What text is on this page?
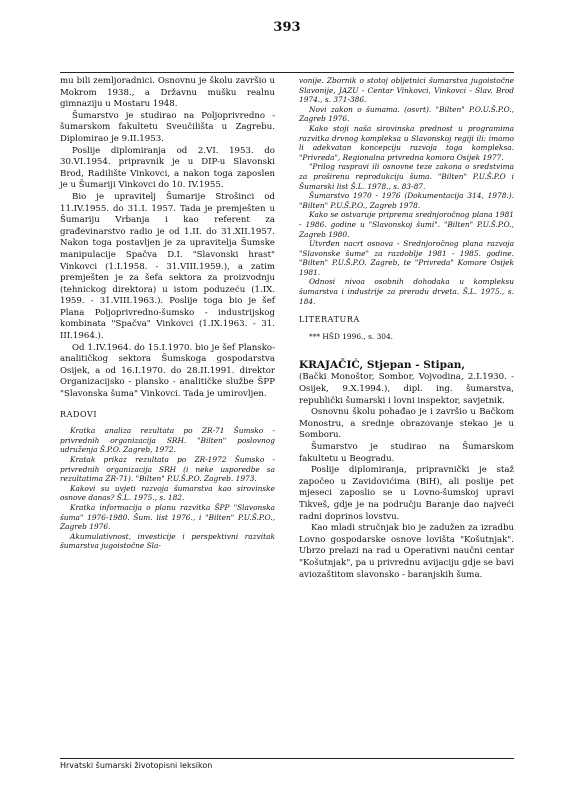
393

mu bili zemljoradnici. Osnovnu je školu završio u Mokrom 1938., a Državnu mušku realnu gimnaziju u Mostaru 1948.

Šumarstvo je studirao na Poljoprivredno - šumarskom fakultetu Sveučilišta u Zagrebu. Diplomirao je 9.II.1953.

Poslije diplomiranja od 2.VI. 1953. do 30.VI.1954. pripravnik je u DIP-u Slavonski Brod, Radilište Vinkovci, a nakon toga zaposlen je u Šumariji Vinkovci do 10. IV.1955.

Bio je upravitelj Šumarije Strošinci od 11.IV.1955. do 31.I. 1957. Tada je premješten u Šumariju Vrbanja i kao referent za građevinarstvo radio je od 1.II. do 31.XII.1957. Nakon toga postavljen je za upravitelja Šumske manipulacije Spačva D.I. "Slavonski hrast" Vinkovci (1.I.1958. - 31.VIII.1959.), a zatim premješten je za šefa sektora za proizvodnju (tehnickog direktora) u istom poduzeću (1.IX. 1959. - 31.VIII.1963.). Poslije toga bio je šef Plana Poljoprivredno-šumsko - industrijskog kombinata "Spačva" Vinkovci (1.IX.1963. - 31. III.1964.).

Od 1.IV.1964. do 15.I.1970. bio je šef Plansko-analitičkog sektora Šumskoga gospodarstva Osijek, a od 16.I.1970. do 28.II.1991. direktor Organizacijsko - plansko - analitičke službe ŠPP "Slavonska šuma" Vinkovci. Tada je umirovljen.

RADOVI

Kratka analiza rezultata po ZR-71 Šumsko - privrednih organizacija SRH. "Bilten" poslovnog udruženja Š.P.O. Zagreb, 1972.

Kratak prikaz rezultata po ZR-1972 Šumsko - privrednih organizacija SRH (i neke usporedbe sa rezultatima ZR-71). "Bilten" P.U.Š.P.O. Zagreb. 1973.

Kakovi su uvjeti razvoja šumarstva kao sirovinske osnove danas? Š.L. 1975., s. 182.

Kratka informacija o planu razvitka ŠPP "Slavonska šuma" 1976-1980. Šum. list 1976., i "Bilten" P.U.Š.P.O., Zagreb 1976.

Akumulativnost, investicije i perspektivni razvitak šumarstva jugoistočne Sla-

vonije. Zbornik o stotoj obljetnici šumarstva jugoistočne Slavonije, JAZU - Centar Vinkovci, Vinkovci - Slav. Brod 1974., s. 371-386.

Novi zakon o šumama. (osvrt). "Bilten" P.O.U.Š.P.O., Zagreb 1976.

Kako stoji naša sirovinska prednost u programima razvitka drvnog kompleksa u Slavonskoj regiji ili: imamo li adekvatan koncepciju razvoja toga kompleksa. "Privreda", Regionalna privredna komora Osijek 1977.

"Prilog raspravi ili osnovne teze zakona o sredstvima za proširenu reprodukciju šuma. "Bilten" P.U.Š.P.O i Šumarski list Š.L. 1978., s. 83-87.

Šumarstvo 1970 - 1976 (Dokumentacija 314, 1978.). "Bilten" P.U.Š.P.O., Zagreb 1978.

Kako se ostvaruje priprema srednjoročnog plana 1981 - 1986. godine u "Slavonskoj šumi". "Bilten" P.U.Š.P.O., Zagreb 1980.

Utvrđen nacrt osnova - Srednjoročnog plana razvoja "Slavonske šume" za razdoblje 1981 - 1985. godine. "Bilten" P.U.Š.P.O. Zagreb, te "Privreda" Komore Osijek 1981.

Odnosi nivoa osobnih dohodaka u kompleksu šumarstva i industrije za preradu drveta. Š.L. 1975., s. 184.

LITERATURA
*** HŠD 1996., s. 304.
KRAJAČIĆ, Stjepan - Stipan,
(Bački Monoštor, Sombor, Vojvodina, 2.I.1930. - Osijek, 9.X.1994.), dipl. ing. šumarstva, republički šumarski i lovni inspektor, savjetnik.

Osnovnu školu pohađao je i završio u Bačkom Monostru, a srednje obrazovanje stekao je u Somboru.

Šumarstvo je studirao na Šumarskom fakultetu u Beogradu.

Poslije diplomiranja, pripravnički je staž započeo u Zavidovićima (BiH), ali poslije pet mjeseci zaposlio se u Lovno-šumskoj upravi Tikveš, gdje je na području Baranje dao najveći radni doprinos lovstvu.

Kao mladi stručnjak bio je zadužen za izradbu Lovno gospodarske osnove lovišta "Košutnjak". Ubrzo prelazi na rad u Operativni naučni centar "Košutnjak", pa u privrednu avijaciju gdje se bavi aviozaštitom slavonsko - baranjskih šuma.

Hrvatski šumarski životopisni leksikon
